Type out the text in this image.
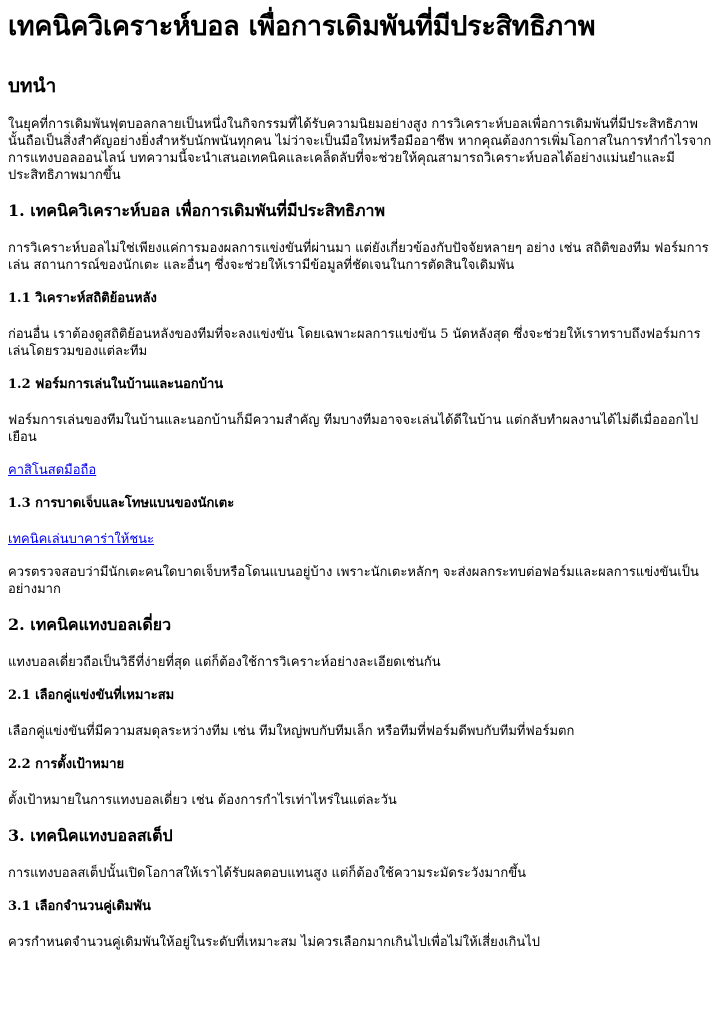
เทคนิควิเคราะห์บอล เพื่อการเดิมพันที่มีประสิทธิภาพ
บทนำ

ในยุคที่การเดิมพันฟุตบอลกลายเป็นหนึ่งในกิจกรรมที่ได้รับความนิยมอย่างสูง การวิเคราะห์บอลเพื่อการเดิมพันที่มีประสิทธิภาพนั้นถือเป็นสิ่งสำคัญอย่างยิ่งสำหรับนักพนันทุกคน ไม่ว่าจะเป็นมือใหม่หรือมืออาชีพ หากคุณต้องการเพิ่มโอกาสในการทำกำไรจากการแทงบอลออนไลน์ บทความนี้จะนำเสนอเทคนิคและเคล็ดลับที่จะช่วยให้คุณสามารถวิเคราะห์บอลได้อย่างแม่นยำและมีประสิทธิภาพมากขึ้น

1. เทคนิควิเคราะห์บอล เพื่อการเดิมพันที่มีประสิทธิภาพ

การวิเคราะห์บอลไม่ใช่เพียงแค่การมองผลการแข่งขันที่ผ่านมา แต่ยังเกี่ยวข้องกับปัจจัยหลายๆ อย่าง เช่น สถิติของทีม ฟอร์มการเล่น สถานการณ์ของนักเตะ และอื่นๆ ซึ่งจะช่วยให้เรามีข้อมูลที่ชัดเจนในการตัดสินใจเดิมพัน

1.1 วิเคราะห์สถิติย้อนหลัง

ก่อนอื่น เราต้องดูสถิติย้อนหลังของทีมที่จะลงแข่งขัน โดยเฉพาะผลการแข่งขัน 5 นัดหลังสุด ซึ่งจะช่วยให้เราทราบถึงฟอร์มการเล่นโดยรวมของแต่ละทีม

1.2 ฟอร์มการเล่นในบ้านและนอกบ้าน

ฟอร์มการเล่นของทีมในบ้านและนอกบ้านก็มีความสำคัญ ทีมบางทีมอาจจะเล่นได้ดีในบ้าน แต่กลับทำผลงานได้ไม่ดีเมื่อออกไปเยือน

คาสิโนสดมือถือ

1.3 การบาดเจ็บและโทษแบนของนักเตะ

เทคนิคเล่นบาคาร่าให้ชนะ

ควรตรวจสอบว่ามีนักเตะคนใดบาดเจ็บหรือโดนแบนอยู่บ้าง เพราะนักเตะหลักๆ จะส่งผลกระทบต่อฟอร์มและผลการแข่งขันเป็นอย่างมาก

2. เทคนิคแทงบอลเดี่ยว

แทงบอลเดี่ยวถือเป็นวิธีที่ง่ายที่สุด แต่ก็ต้องใช้การวิเคราะห์อย่างละเอียดเช่นกัน

2.1 เลือกคู่แข่งขันที่เหมาะสม

เลือกคู่แข่งขันที่มีความสมดุลระหว่างทีม เช่น ทีมใหญ่พบกับทีมเล็ก หรือทีมที่ฟอร์มดีพบกับทีมที่ฟอร์มตก

2.2 การตั้งเป้าหมาย

ตั้งเป้าหมายในการแทงบอลเดี่ยว เช่น ต้องการกำไรเท่าไหร่ในแต่ละวัน

3. เทคนิคแทงบอลสเต็ป

การแทงบอลสเต็ปนั้นเปิดโอกาสให้เราได้รับผลตอบแทนสูง แต่ก็ต้องใช้ความระมัดระวังมากขึ้น

3.1 เลือกจำนวนคู่เดิมพัน

ควรกำหนดจำนวนคู่เดิมพันให้อยู่ในระดับที่เหมาะสม ไม่ควรเลือกมากเกินไปเพื่อไม่ให้เสี่ยงเกินไป
